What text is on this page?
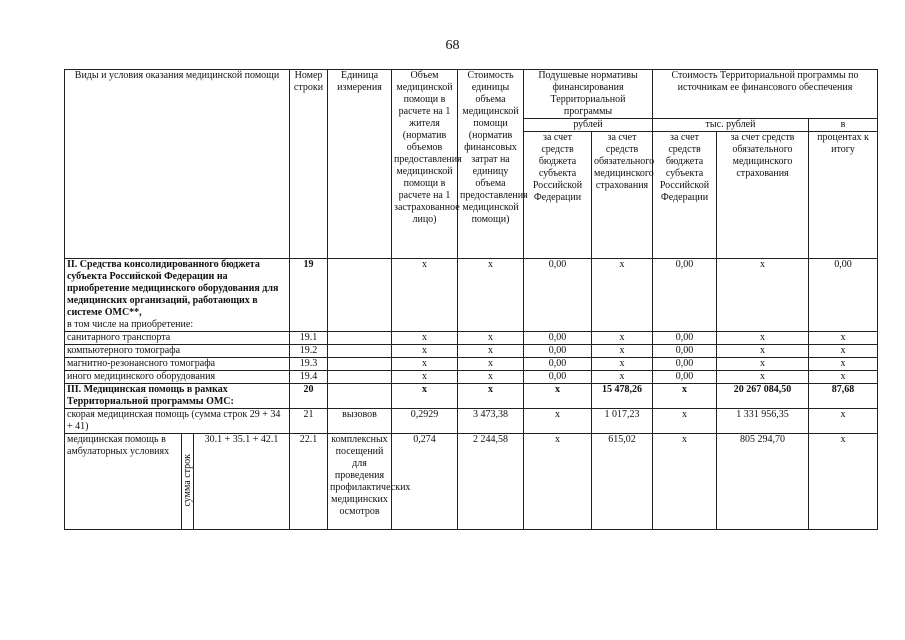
68
Виды и условия оказания медицинской помощи			Номер строки	Единица измерения	Объем медицинской помощи в расчете на 1 жителя (норматив объемов предоставления медицинской помощи в расчете на 1 застрахованное лицо)	Стоимость единицы объема медицинской помощи (норматив финансовых затрат на единицу объема предоставления медицинской помощи)	Подушевые нормативы финансирования Территориальной программы		Стоимость Территориальной программы по источникам ее финансового обеспечения		
							рублей		тыс. рублей		в
							за счет средств бюджета субъекта Российской Федерации	за счет средств обязательного медицинского страхования	за счет средств бюджета субъекта Российской Федерации	за счет средств обязательного медицинского страхования	процентах к итогу

II. Средства консолидированного бюджета субъекта Российской Федерации на приобретение медицинского оборудования для медицинских организаций, работающих в системе ОМС**,
в том числе на приобретение:			19		x	x	0,00	x	0,00	x	0,00
санитарного транспорта			19.1		x	x	0,00	x	0,00	x	x
компьютерного томографа			19.2		x	x	0,00	x	0,00	x	x
магнитно-резонансного томографа			19.3		x	x	0,00	x	0,00	x	x
иного медицинского оборудования			19.4		x	x	0,00	x	0,00	x	x
III. Медицинская помощь в рамках Территориальной программы ОМС:			20		x	x	x	15 478,26	x	20 267 084,50	87,68
скорая медицинская помощь (сумма строк 29 + 34 + 41)			21	вызовов	0,2929	3 473,38	x	1 017,23	x	1 331 956,35	x
медицинская помощь в амбулаторных условиях	сумма строк	30.1 + 35.1 + 42.1	22.1	комплексных посещений для проведения профилактических медицинских осмотров	0,274	2 244,58	x	615,02	x	805 294,70	x
